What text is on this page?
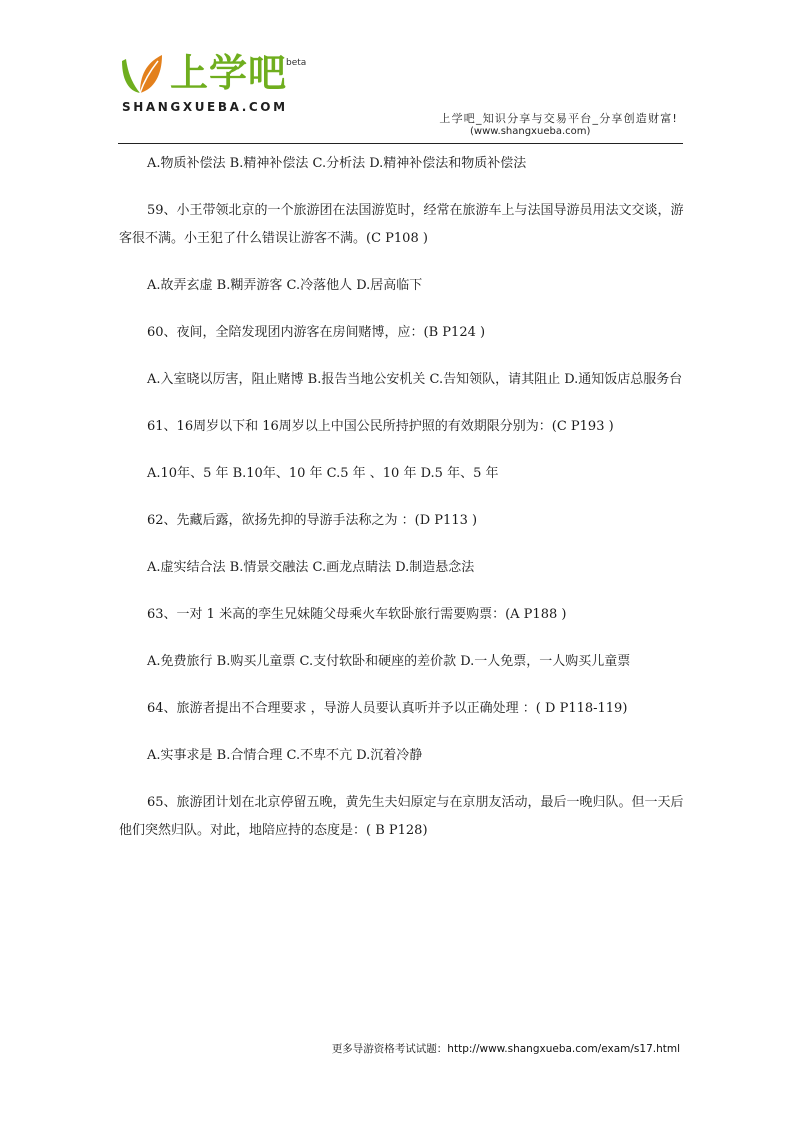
上学吧
beta
SHANGXUEBA.COM
上学吧_知识分享与交易平台_分享创造财富!
(www.shangxueba.com)

A.物质补偿法 B.精神补偿法 C.分析法 D.精神补偿法和物质补偿法

59、小王带领北京的一个旅游团在法国游览时，经常在旅游车上与法国导游员用法文交谈，游客很不满。小王犯了什么错误让游客不满。(C P108 )

A.故弄玄虚 B.糊弄游客 C.冷落他人 D.居高临下

60、夜间，全陪发现团内游客在房间赌博，应：(B P124 )

A.入室晓以厉害，阻止赌博 B.报告当地公安机关 C.告知领队，请其阻止 D.通知饭店总服务台

61、16周岁以下和 16周岁以上中国公民所持护照的有效期限分别为：(C P193 )

A.10年、5 年 B.10年、10 年 C.5 年 、10 年 D.5 年、5 年

62、先藏后露，欲扬先抑的导游手法称之为 ：(D P113 )

A.虚实结合法 B.情景交融法 C.画龙点睛法 D.制造悬念法

63、一对 1 米高的孪生兄妹随父母乘火车软卧旅行需要购票：(A P188 )

A.免费旅行 B.购买儿童票 C.支付软卧和硬座的差价款 D.一人免票，一人购买儿童票

64、旅游者提出不合理要求 ，导游人员要认真听并予以正确处理 ：( D P118-119)

A.实事求是 B.合情合理 C.不卑不亢 D.沉着冷静

65、旅游团计划在北京停留五晚，黄先生夫妇原定与在京朋友活动，最后一晚归队。但一天后他们突然归队。对此，地陪应持的态度是：( B P128)

更多导游资格考试试题：http://www.shangxueba.com/exam/s17.html
